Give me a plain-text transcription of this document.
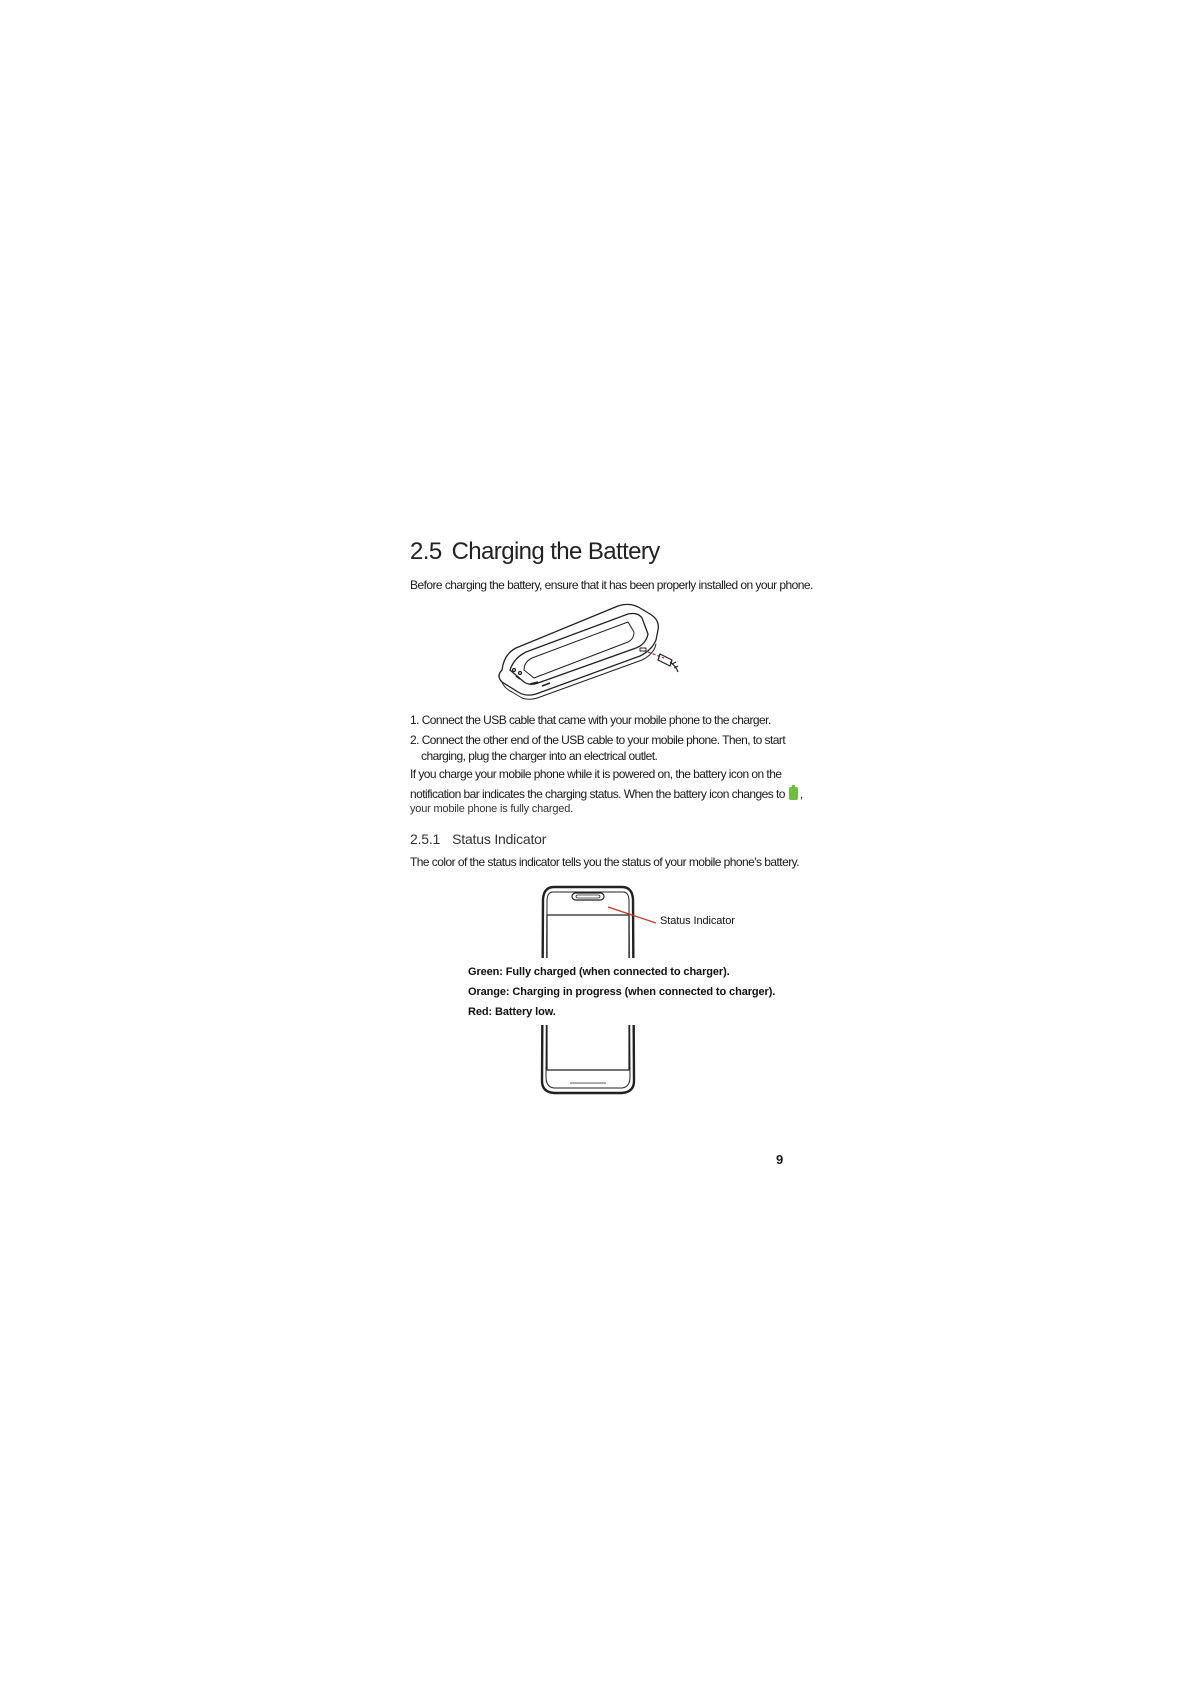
2.5 Charging the Battery
Before charging the battery, ensure that it has been properly installed on your phone.
1. Connect the USB cable that came with your mobile phone to the charger.
2. Connect the other end of the USB cable to your mobile phone. Then, to start
charging, plug the charger into an electrical outlet.
If you charge your mobile phone while it is powered on, the battery icon on the
notification bar indicates the charging status. When the battery icon changes to ,
your mobile phone is fully charged.
2.5.1 Status Indicator
The color of the status indicator tells you the status of your mobile phone's battery.
Status Indicator
Green: Fully charged (when connected to charger).
Orange: Charging in progress (when connected to charger).
Red: Battery low.
9
